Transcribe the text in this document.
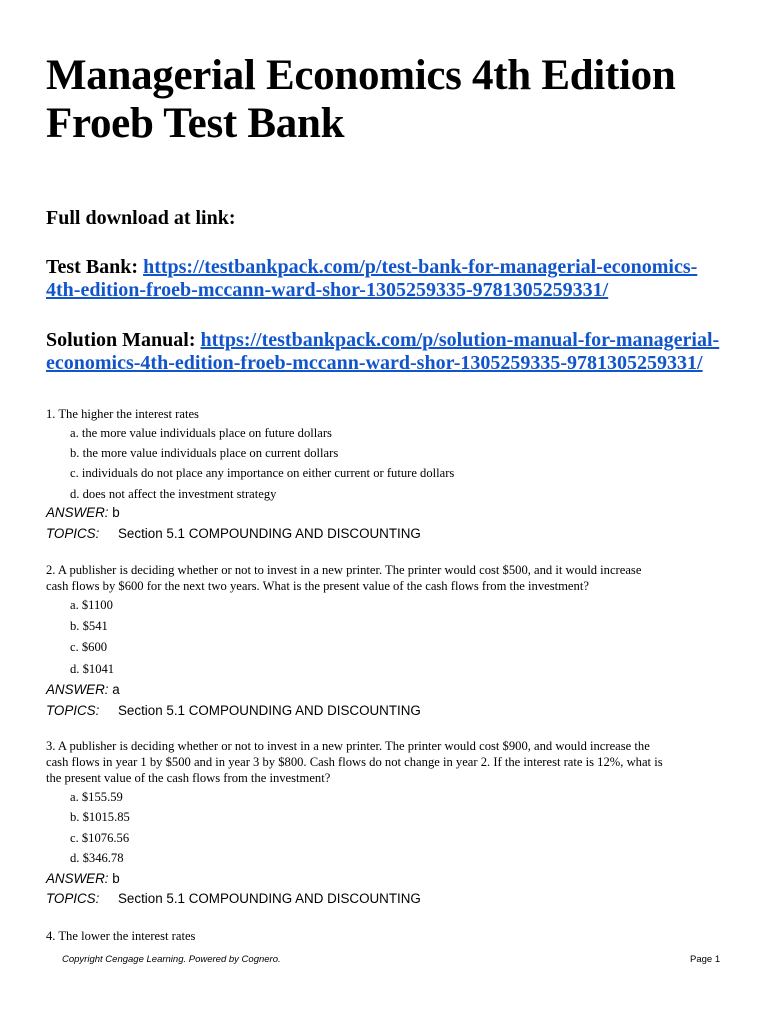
Managerial Economics 4th Edition
Froeb Test Bank
Full download at link:
Test Bank: https://testbankpack.com/p/test-bank-for-managerial-economics-
4th-edition-froeb-mccann-ward-shor-1305259335-9781305259331/
Solution Manual: https://testbankpack.com/p/solution-manual-for-managerial-
economics-4th-edition-froeb-mccann-ward-shor-1305259335-9781305259331/
1. The higher the interest rates
a. the more value individuals place on future dollars
b. the more value individuals place on current dollars
c. individuals do not place any importance on either current or future dollars
d. does not affect the investment strategy
ANSWER: b
TOPICS: Section 5.1 COMPOUNDING AND DISCOUNTING
2. A publisher is deciding whether or not to invest in a new printer. The printer would cost $500, and it would increase
cash flows by $600 for the next two years. What is the present value of the cash flows from the investment?
a. $1100
b. $541
c. $600
d. $1041
ANSWER: a
TOPICS: Section 5.1 COMPOUNDING AND DISCOUNTING
3. A publisher is deciding whether or not to invest in a new printer. The printer would cost $900, and would increase the
cash flows in year 1 by $500 and in year 3 by $800. Cash flows do not change in year 2. If the interest rate is 12%, what is
the present value of the cash flows from the investment?
a. $155.59
b. $1015.85
c. $1076.56
d. $346.78
ANSWER: b
TOPICS: Section 5.1 COMPOUNDING AND DISCOUNTING
4. The lower the interest rates
Copyright Cengage Learning. Powered by Cognero.	Page 1
